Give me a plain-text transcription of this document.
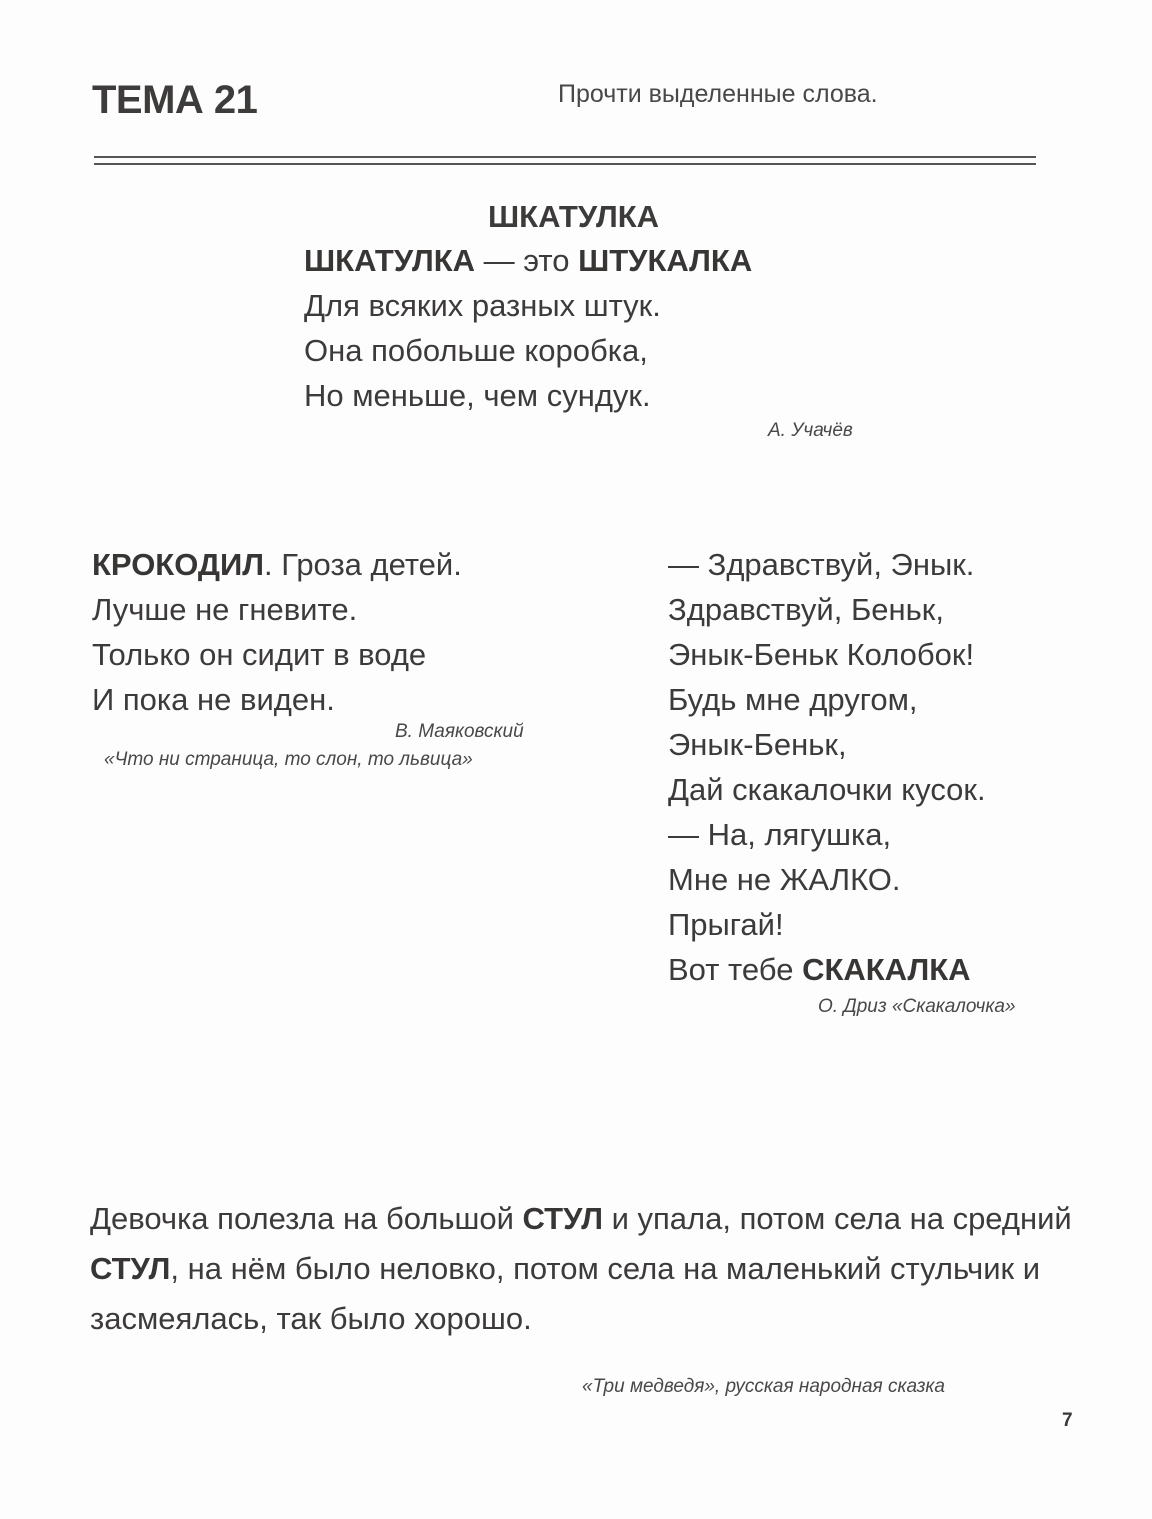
ТЕМА 21	Прочти выделенные слова.
ШКАТУЛКА
ШКАТУЛКА — это ШТУКАЛКА
Для всяких разных штук.
Она побольше коробка,
Но меньше, чем сундук.
А. Учачёв
КРОКОДИЛ. Гроза детей.
Лучше не гневите.
Только он сидит в воде
И пока не виден.
В. Маяковский
«Что ни страница, то слон, то львица»
— Здравствуй, Энык.
Здравствуй, Беньк,
Энык-Беньк Колобок!
Будь мне другом,
Энык-Беньк,
Дай скакалочки кусок.
— На, лягушка,
Мне не ЖАЛКО.
Прыгай!
Вот тебе СКАКАЛКА
О. Дриз «Скакалочка»
Девочка полезла на большой СТУЛ и упала, потом села на средний СТУЛ, на нём было неловко, потом села на маленький стульчик и засмеялась, так было хорошо.
«Три медведя», русская народная сказка
7
